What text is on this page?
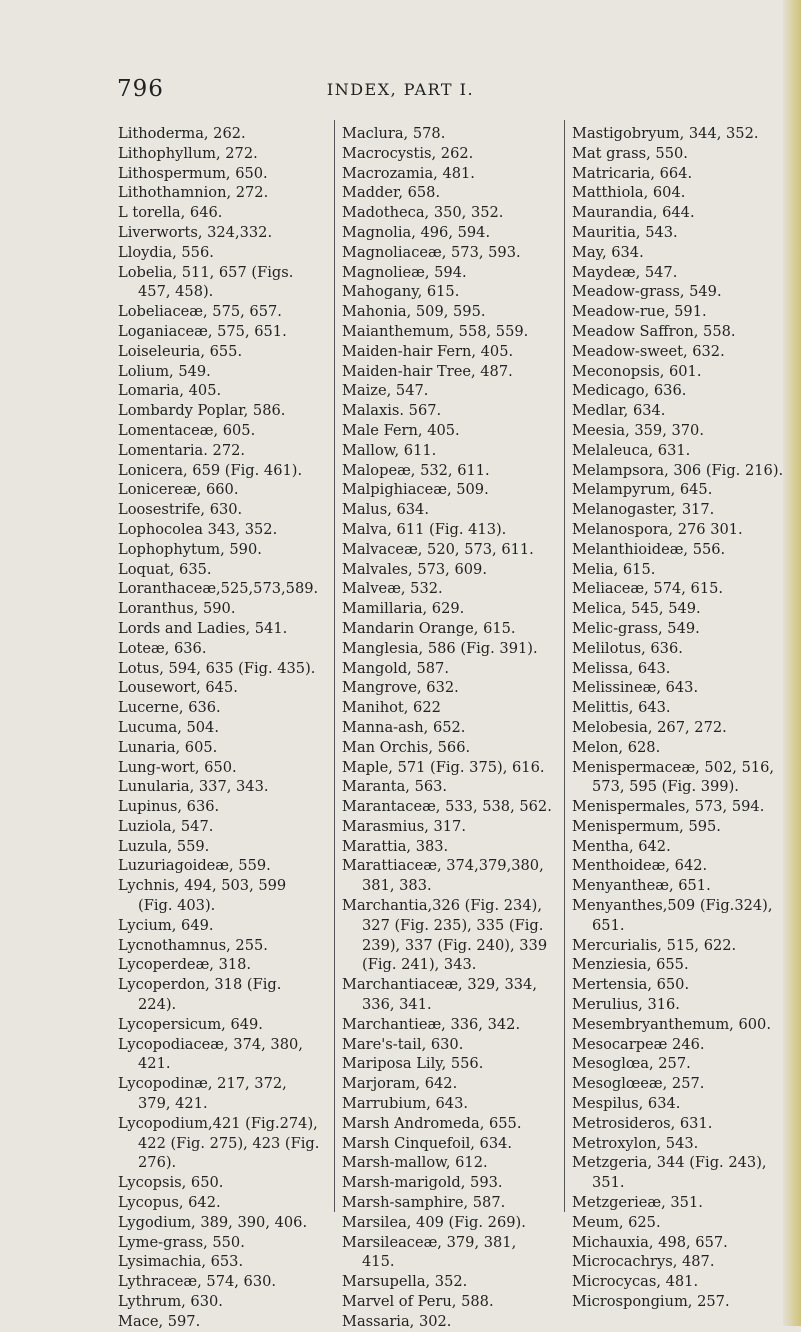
796	INDEX, PART I.
Lithoderma, 262.
Lithophyllum, 272.
Lithospermum, 650.
Lithothamnion, 272.
L torella, 646.
Liverworts, 324,332.
Lloydia, 556.
Lobelia, 511, 657 (Figs. 457, 458).
Lobeliaceæ, 575, 657.
Loganiaceæ, 575, 651.
Loiseleuria, 655.
Lolium, 549.
Lomaria, 405.
Lombardy Poplar, 586.
Lomentaceæ, 605.
Lomentaria. 272.
Lonicera, 659 (Fig. 461).
Lonicereæ, 660.
Loosestrife, 630.
Lophocolea 343, 352.
Lophophytum, 590.
Loquat, 635.
Loranthaceæ,525,573,589.
Loranthus, 590.
Lords and Ladies, 541.
Loteæ, 636.
Lotus, 594, 635 (Fig. 435).
Lousewort, 645.
Lucerne, 636.
Lucuma, 504.
Lunaria, 605.
Lung-wort, 650.
Lunularia, 337, 343.
Lupinus, 636.
Luziola, 547.
Luzula, 559.
Luzuriagoideæ, 559.
Lychnis, 494, 503, 599 (Fig. 403).
Lycium, 649.
Lycnothamnus, 255.
Lycoperdeæ, 318.
Lycoperdon, 318 (Fig. 224).
Lycopersicum, 649.
Lycopodiaceæ, 374, 380, 421.
Lycopodinæ, 217, 372, 379, 421.
Lycopodium,421 (Fig.274), 422 (Fig. 275), 423 (Fig. 276).
Lycopsis, 650.
Lycopus, 642.
Lygodium, 389, 390, 406.
Lyme-grass, 550.
Lysimachia, 653.
Lythraceæ, 574, 630.
Lythrum, 630.
Mace, 597.
Maclura, 578.
Macrocystis, 262.
Macrozamia, 481.
Madder, 658.
Madotheca, 350, 352.
Magnolia, 496, 594.
Magnoliaceæ, 573, 593.
Magnolieæ, 594.
Mahogany, 615.
Mahonia, 509, 595.
Maianthemum, 558, 559.
Maiden-hair Fern, 405.
Maiden-hair Tree, 487.
Maize, 547.
Malaxis. 567.
Male Fern, 405.
Mallow, 611.
Malopeæ, 532, 611.
Malpighiaceæ, 509.
Malus, 634.
Malva, 611 (Fig. 413).
Malvaceæ, 520, 573, 611.
Malvales, 573, 609.
Malveæ, 532.
Mamillaria, 629.
Mandarin Orange, 615.
Manglesia, 586 (Fig. 391).
Mangold, 587.
Mangrove, 632.
Manihot, 622
Manna-ash, 652.
Man Orchis, 566.
Maple, 571 (Fig. 375), 616.
Maranta, 563.
Marantaceæ, 533, 538, 562.
Marasmius, 317.
Marattia, 383.
Marattiaceæ, 374,379,380, 381, 383.
Marchantia,326 (Fig. 234), 327 (Fig. 235), 335 (Fig. 239), 337 (Fig. 240), 339 (Fig. 241), 343.
Marchantiaceæ, 329, 334, 336, 341.
Marchantieæ, 336, 342.
Mare's-tail, 630.
Mariposa Lily, 556.
Marjoram, 642.
Marrubium, 643.
Marsh Andromeda, 655.
Marsh Cinquefoil, 634.
Marsh-mallow, 612.
Marsh-marigold, 593.
Marsh-samphire, 587.
Marsilea, 409 (Fig. 269).
Marsileaceæ, 379, 381, 415.
Marsupella, 352.
Marvel of Peru, 588.
Massaria, 302.
Mastigobryum, 344, 352.
Mat grass, 550.
Matricaria, 664.
Matthiola, 604.
Maurandia, 644.
Mauritia, 543.
May, 634.
Maydeæ, 547.
Meadow-grass, 549.
Meadow-rue, 591.
Meadow Saffron, 558.
Meadow-sweet, 632.
Meconopsis, 601.
Medicago, 636.
Medlar, 634.
Meesia, 359, 370.
Melaleuca, 631.
Melampsora, 306 (Fig. 216).
Melampyrum, 645.
Melanogaster, 317.
Melanospora, 276 301.
Melanthioideæ, 556.
Melia, 615.
Meliaceæ, 574, 615.
Melica, 545, 549.
Melic-grass, 549.
Melilotus, 636.
Melissa, 643.
Melissineæ, 643.
Melittis, 643.
Melobesia, 267, 272.
Melon, 628.
Menispermaceæ, 502, 516, 573, 595 (Fig. 399).
Menispermales, 573, 594.
Menispermum, 595.
Mentha, 642.
Menthoideæ, 642.
Menyantheæ, 651.
Menyanthes,509 (Fig.324), 651.
Mercurialis, 515, 622.
Menziesia, 655.
Mertensia, 650.
Merulius, 316.
Mesembryanthemum, 600.
Mesocarpeæ 246.
Mesoglœa, 257.
Mesoglœeæ, 257.
Mespilus, 634.
Metrosideros, 631.
Metroxylon, 543.
Metzgeria, 344 (Fig. 243), 351.
Metzgerieæ, 351.
Meum, 625.
Michauxia, 498, 657.
Microcachrys, 487.
Microcycas, 481.
Microspongium, 257.
